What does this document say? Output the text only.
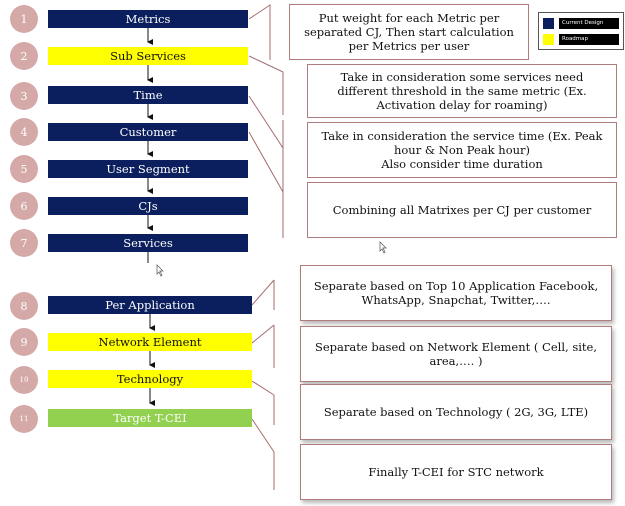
1
2
3
4
5
6
7
8
9
10
11
Metrics
Sub Services
Time
Customer
User Segment
CJs
Services
Per Application
Network Element
Technology
Target T-CEI
Put weight for each Metric per separated CJ, Then start calculation per Metrics per user
Take in consideration some services need different threshold in the same metric (Ex. Activation delay for roaming)
Take in consideration the service time (Ex. Peak hour & Non Peak hour)
Also consider time duration
Combining all Matrixes per CJ per customer
Separate based on Top 10 Application Facebook, WhatsApp, Snapchat, Twitter,….
Separate based on Network Element ( Cell, site, area,…. )
Separate based on Technology ( 2G, 3G, LTE)
Finally T-CEI for STC network
Current Design
Roadmap
